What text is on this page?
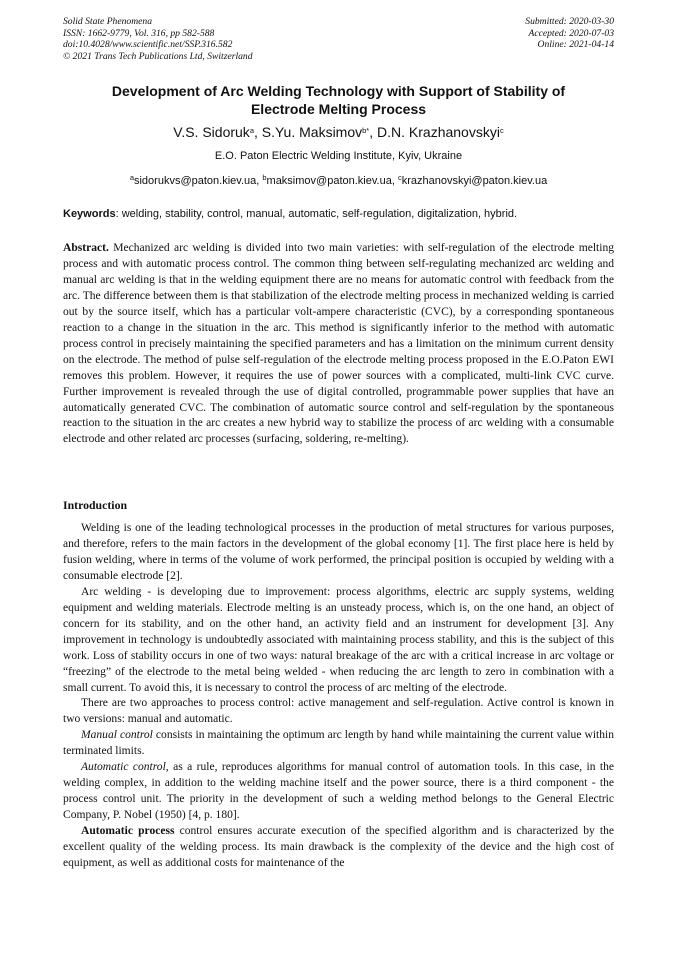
Solid State Phenomena
ISSN: 1662-9779, Vol. 316, pp 582-588
doi:10.4028/www.scientific.net/SSP.316.582
© 2021 Trans Tech Publications Ltd, Switzerland
Submitted: 2020-03-30
Accepted: 2020-07-03
Online: 2021-04-14
Development of Arc Welding Technology with Support of Stability of
Electrode Melting Process
V.S. Sidoruk$^a$, S.Yu. Maksimov$^{b*}$, D.N. Krazhanovskyi$^c$
E.O. Paton Electric Welding Institute, Kyiv, Ukraine
$^a$sidorukvs@paton.kiev.ua, $^b$maksimov@paton.kiev.ua, $^c$krazhanovskyi@paton.kiev.ua
Keywords: welding, stability, control, manual, automatic, self-regulation, digitalization, hybrid.

Abstract. Mechanized arc welding is divided into two main varieties: with self-regulation of the electrode melting process and with automatic process control. The common thing between self-regulating mechanized arc welding and manual arc welding is that in the welding equipment there are no means for automatic control with feedback from the arc. The difference between them is that stabilization of the electrode melting process in mechanized welding is carried out by the source itself, which has a particular volt-ampere characteristic (CVC), by a corresponding spontaneous reaction to a change in the situation in the arc. This method is significantly inferior to the method with automatic process control in precisely maintaining the specified parameters and has a limitation on the minimum current density on the electrode. The method of pulse self-regulation of the electrode melting process proposed in the E.O.Paton EWI removes this problem. However, it requires the use of power sources with a complicated, multi-link CVC curve. Further improvement is revealed through the use of digital controlled, programmable power supplies that have an automatically generated CVC. The combination of automatic source control and self-regulation by the spontaneous reaction to the situation in the arc creates a new hybrid way to stabilize the process of arc welding with a consumable electrode and other related arc processes (surfacing, soldering, re-melting).

Introduction

Welding is one of the leading technological processes in the production of metal structures for various purposes, and therefore, refers to the main factors in the development of the global economy [1]. The first place here is held by fusion welding, where in terms of the volume of work performed, the principal position is occupied by welding with a consumable electrode [2].

Arc welding - is developing due to improvement: process algorithms, electric arc supply systems, welding equipment and welding materials. Electrode melting is an unsteady process, which is, on the one hand, an object of concern for its stability, and on the other hand, an activity field and an instrument for development [3]. Any improvement in technology is undoubtedly associated with maintaining process stability, and this is the subject of this work. Loss of stability occurs in one of two ways: natural breakage of the arc with a critical increase in arc voltage or “freezing” of the electrode to the metal being welded - when reducing the arc length to zero in combination with a small current. To avoid this, it is necessary to control the process of arc melting of the electrode.

There are two approaches to process control: active management and self-regulation. Active control is known in two versions: manual and automatic.

Manual control consists in maintaining the optimum arc length by hand while maintaining the current value within terminated limits.

Automatic control, as a rule, reproduces algorithms for manual control of automation tools. In this case, in the welding complex, in addition to the welding machine itself and the power source, there is a third component - the process control unit. The priority in the development of such a welding method belongs to the General Electric Company, P. Nobel (1950) [4, p. 180].

Automatic process control ensures accurate execution of the specified algorithm and is characterized by the excellent quality of the welding process. Its main drawback is the complexity of the device and the high cost of equipment, as well as additional costs for maintenance of the
